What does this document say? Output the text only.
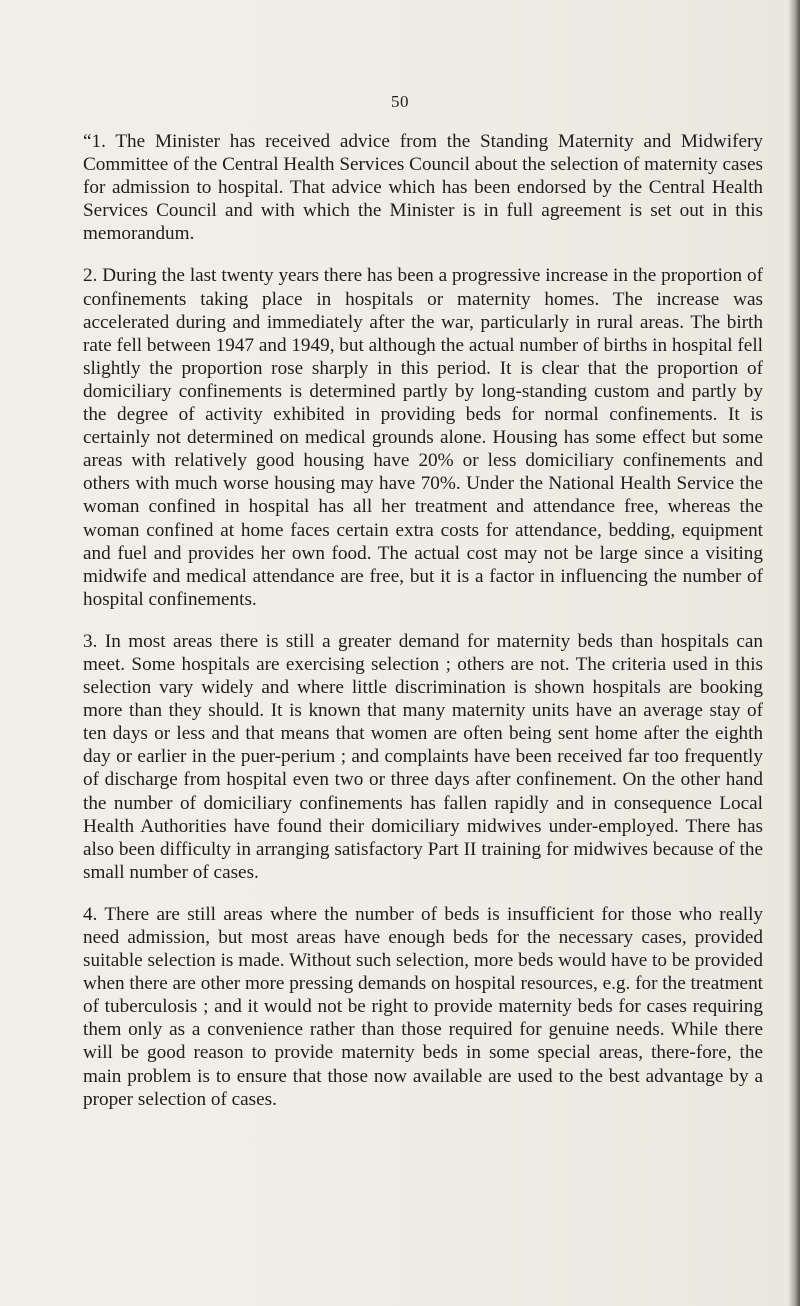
50

“1. The Minister has received advice from the Standing Maternity and Midwifery Committee of the Central Health Services Council about the selection of maternity cases for admission to hospital. That advice which has been endorsed by the Central Health Services Council and with which the Minister is in full agreement is set out in this memorandum.

2. During the last twenty years there has been a progressive increase in the proportion of confinements taking place in hospitals or maternity homes. The increase was accelerated during and immediately after the war, particularly in rural areas. The birth rate fell between 1947 and 1949, but although the actual number of births in hospital fell slightly the proportion rose sharply in this period. It is clear that the proportion of domiciliary confinements is determined partly by long-standing custom and partly by the degree of activity exhibited in providing beds for normal confinements. It is certainly not determined on medical grounds alone. Housing has some effect but some areas with relatively good housing have 20% or less domiciliary confinements and others with much worse housing may have 70%. Under the National Health Service the woman confined in hospital has all her treatment and attendance free, whereas the woman confined at home faces certain extra costs for attendance, bedding, equipment and fuel and provides her own food. The actual cost may not be large since a visiting midwife and medical attendance are free, but it is a factor in influencing the number of hospital confinements.

3. In most areas there is still a greater demand for maternity beds than hospitals can meet. Some hospitals are exercising selection ; others are not. The criteria used in this selection vary widely and where little discrimination is shown hospitals are booking more than they should. It is known that many maternity units have an average stay of ten days or less and that means that women are often being sent home after the eighth day or earlier in the puer-perium ; and complaints have been received far too frequently of discharge from hospital even two or three days after confinement. On the other hand the number of domiciliary confinements has fallen rapidly and in consequence Local Health Authorities have found their domiciliary midwives under-employed. There has also been difficulty in arranging satisfactory Part II training for midwives because of the small number of cases.

4. There are still areas where the number of beds is insufficient for those who really need admission, but most areas have enough beds for the necessary cases, provided suitable selection is made. Without such selection, more beds would have to be provided when there are other more pressing demands on hospital resources, e.g. for the treatment of tuberculosis ; and it would not be right to provide maternity beds for cases requiring them only as a convenience rather than those required for genuine needs. While there will be good reason to provide maternity beds in some special areas, there-fore, the main problem is to ensure that those now available are used to the best advantage by a proper selection of cases.
